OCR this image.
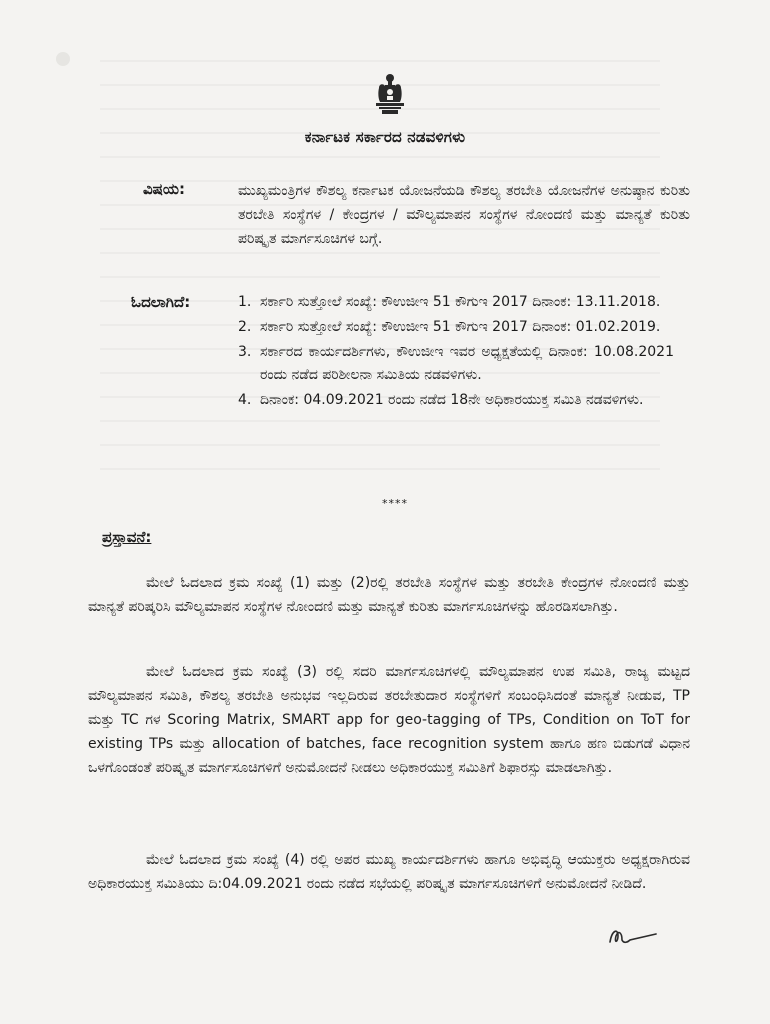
ಕರ್ನಾಟಕ ಸರ್ಕಾರದ ನಡವಳಿಗಳು
ವಿಷಯ:	ಮುಖ್ಯಮಂತ್ರಿಗಳ ಕೌಶಲ್ಯ ಕರ್ನಾಟಕ ಯೋಜನೆಯಡಿ ಕೌಶಲ್ಯ ತರಬೇತಿ ಯೋಜನೆಗಳ ಅನುಷ್ಠಾನ ಕುರಿತು ತರಬೇತಿ ಸಂಸ್ಥೆಗಳ / ಕೇಂದ್ರಗಳ / ಮೌಲ್ಯಮಾಪನ ಸಂಸ್ಥೆಗಳ ನೋಂದಣಿ ಮತ್ತು ಮಾನ್ಯತೆ ಕುರಿತು ಪರಿಷ್ಕೃತ ಮಾರ್ಗಸೂಚಿಗಳ ಬಗ್ಗೆ.

ಓದಲಾಗಿದೆ:	1. ಸರ್ಕಾರಿ ಸುತ್ತೋಲೆ ಸಂಖ್ಯೆ: ಕೌಉಜೀಇ 51 ಕೌಗುಇ 2017 ದಿನಾಂಕ: 13.11.2018.
2. ಸರ್ಕಾರಿ ಸುತ್ತೋಲೆ ಸಂಖ್ಯೆ: ಕೌಉಜೀಇ 51 ಕೌಗುಇ 2017 ದಿನಾಂಕ: 01.02.2019.
3. ಸರ್ಕಾರದ ಕಾರ್ಯದರ್ಶಿಗಳು, ಕೌಉಜೀಇ ಇವರ ಅಧ್ಯಕ್ಷತೆಯಲ್ಲಿ ದಿನಾಂಕ: 10.08.2021 ರಂದು ನಡೆದ ಪರಿಶೀಲನಾ ಸಮಿತಿಯ ನಡವಳಿಗಳು.
4. ದಿನಾಂಕ: 04.09.2021 ರಂದು ನಡೆದ 18ನೇ ಅಧಿಕಾರಯುಕ್ತ ಸಮಿತಿ ನಡವಳಿಗಳು.
****
ಪ್ರಸ್ತಾವನೆ:

ಮೇಲೆ ಓದಲಾದ ಕ್ರಮ ಸಂಖ್ಯೆ (1) ಮತ್ತು (2)ರಲ್ಲಿ ತರಬೇತಿ ಸಂಸ್ಥೆಗಳ ಮತ್ತು ತರಬೇತಿ ಕೇಂದ್ರಗಳ ನೋಂದಣಿ ಮತ್ತು ಮಾನ್ಯತೆ ಪರಿಷ್ಕರಿಸಿ ಮೌಲ್ಯಮಾಪನ ಸಂಸ್ಥೆಗಳ ನೋಂದಣಿ ಮತ್ತು ಮಾನ್ಯತೆ ಕುರಿತು ಮಾರ್ಗಸೂಚಿಗಳನ್ನು ಹೊರಡಿಸಲಾಗಿತ್ತು.

ಮೇಲೆ ಓದಲಾದ ಕ್ರಮ ಸಂಖ್ಯೆ (3) ರಲ್ಲಿ ಸದರಿ ಮಾರ್ಗಸೂಚಿಗಳಲ್ಲಿ ಮೌಲ್ಯಮಾಪನ ಉಪ ಸಮಿತಿ, ರಾಜ್ಯ ಮಟ್ಟದ ಮೌಲ್ಯಮಾಪನ ಸಮಿತಿ, ಕೌಶಲ್ಯ ತರಬೇತಿ ಅನುಭವ ಇಲ್ಲದಿರುವ ತರಬೇತುದಾರ ಸಂಸ್ಥೆಗಳಿಗೆ ಸಂಬಂಧಿಸಿದಂತೆ ಮಾನ್ಯತೆ ನೀಡುವ, TP ಮತ್ತು TC ಗಳ Scoring Matrix, SMART app for geo-tagging of TPs, Condition on ToT for existing TPs ಮತ್ತು allocation of batches, face recognition system ಹಾಗೂ ಹಣ ಬಿಡುಗಡೆ ವಿಧಾನ ಒಳಗೊಂಡಂತೆ ಪರಿಷ್ಕೃತ ಮಾರ್ಗಸೂಚಿಗಳಿಗೆ ಅನುಮೋದನೆ ನೀಡಲು ಅಧಿಕಾರಯುಕ್ತ ಸಮಿತಿಗೆ ಶಿಫಾರಸ್ಸು ಮಾಡಲಾಗಿತ್ತು.

ಮೇಲೆ ಓದಲಾದ ಕ್ರಮ ಸಂಖ್ಯೆ (4) ರಲ್ಲಿ ಅಪರ ಮುಖ್ಯ ಕಾರ್ಯದರ್ಶಿಗಳು ಹಾಗೂ ಅಭಿವೃದ್ಧಿ ಆಯುಕ್ತರು ಅಧ್ಯಕ್ಷರಾಗಿರುವ ಅಧಿಕಾರಯುಕ್ತ ಸಮಿತಿಯು ದಿ:04.09.2021 ರಂದು ನಡೆದ ಸಭೆಯಲ್ಲಿ ಪರಿಷ್ಕೃತ ಮಾರ್ಗಸೂಚಿಗಳಿಗೆ ಅನುಮೋದನೆ ನೀಡಿದೆ.
